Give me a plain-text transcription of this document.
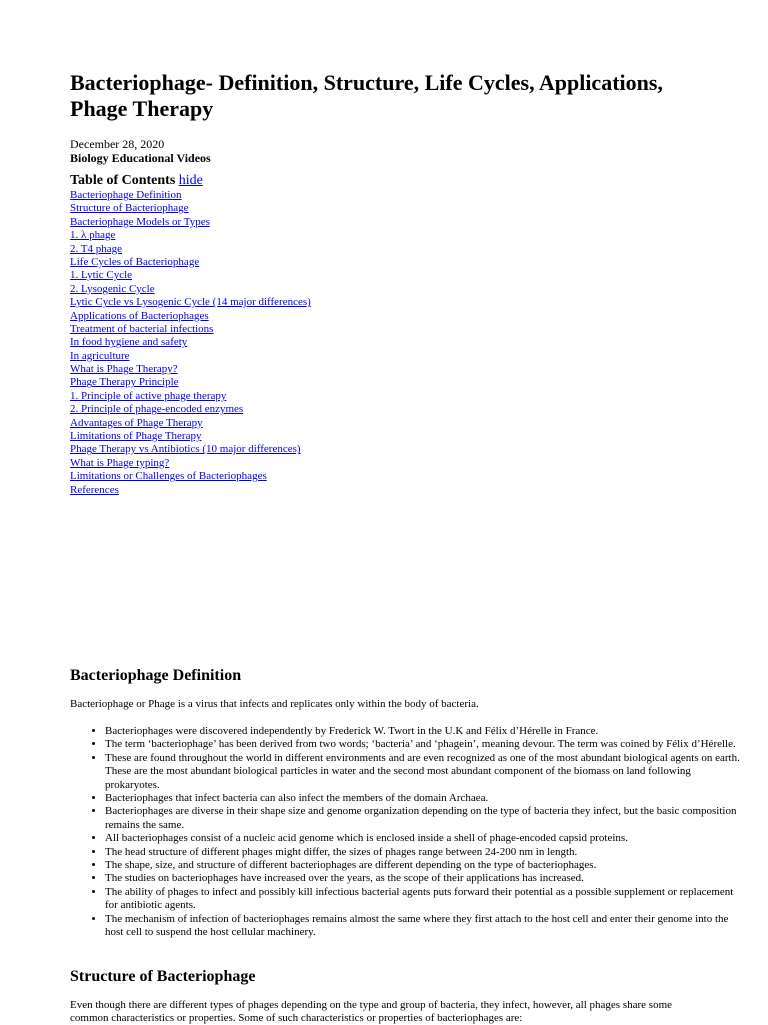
Bacteriophage- Definition, Structure, Life Cycles, Applications, Phage Therapy
December 28, 2020
Biology Educational Videos
Table of Contents hide
Bacteriophage Definition
Structure of Bacteriophage
Bacteriophage Models or Types
1. λ phage
2. T4 phage
Life Cycles of Bacteriophage
1. Lytic Cycle
2. Lysogenic Cycle
Lytic Cycle vs Lysogenic Cycle (14 major differences)
Applications of Bacteriophages
Treatment of bacterial infections
In food hygiene and safety
In agriculture
What is Phage Therapy?
Phage Therapy Principle
1. Principle of active phage therapy
2. Principle of phage-encoded enzymes
Advantages of Phage Therapy
Limitations of Phage Therapy
Phage Therapy vs Antibiotics (10 major differences)
What is Phage typing?
Limitations or Challenges of Bacteriophages
References
Bacteriophage Definition

Bacteriophage or Phage is a virus that infects and replicates only within the body of bacteria.

• Bacteriophages were discovered independently by Frederick W. Twort in the U.K and Félix d’Hérelle in France.
• The term ‘bacteriophage’ has been derived from two words; ‘bacteria’ and ‘phagein’, meaning devour. The term was coined by Félix d’Hérelle.
• These are found throughout the world in different environments and are even recognized as one of the most abundant biological agents on earth. These are the most abundant biological particles in water and the second most abundant component of the biomass on land following prokaryotes.
• Bacteriophages that infect bacteria can also infect the members of the domain Archaea.
• Bacteriophages are diverse in their shape size and genome organization depending on the type of bacteria they infect, but the basic composition remains the same.
• All bacteriophages consist of a nucleic acid genome which is enclosed inside a shell of phage-encoded capsid proteins.
• The head structure of different phages might differ, the sizes of phages range between 24-200 nm in length.
• The shape, size, and structure of different bacteriophages are different depending on the type of bacteriophages.
• The studies on bacteriophages have increased over the years, as the scope of their applications has increased.
• The ability of phages to infect and possibly kill infectious bacterial agents puts forward their potential as a possible supplement or replacement for antibiotic agents.
• The mechanism of infection of bacteriophages remains almost the same where they first attach to the host cell and enter their genome into the host cell to suspend the host cellular machinery.
Structure of Bacteriophage

Even though there are different types of phages depending on the type and group of bacteria, they infect, however, all phages share some common characteristics or properties. Some of such characteristics or properties of bacteriophages are:
